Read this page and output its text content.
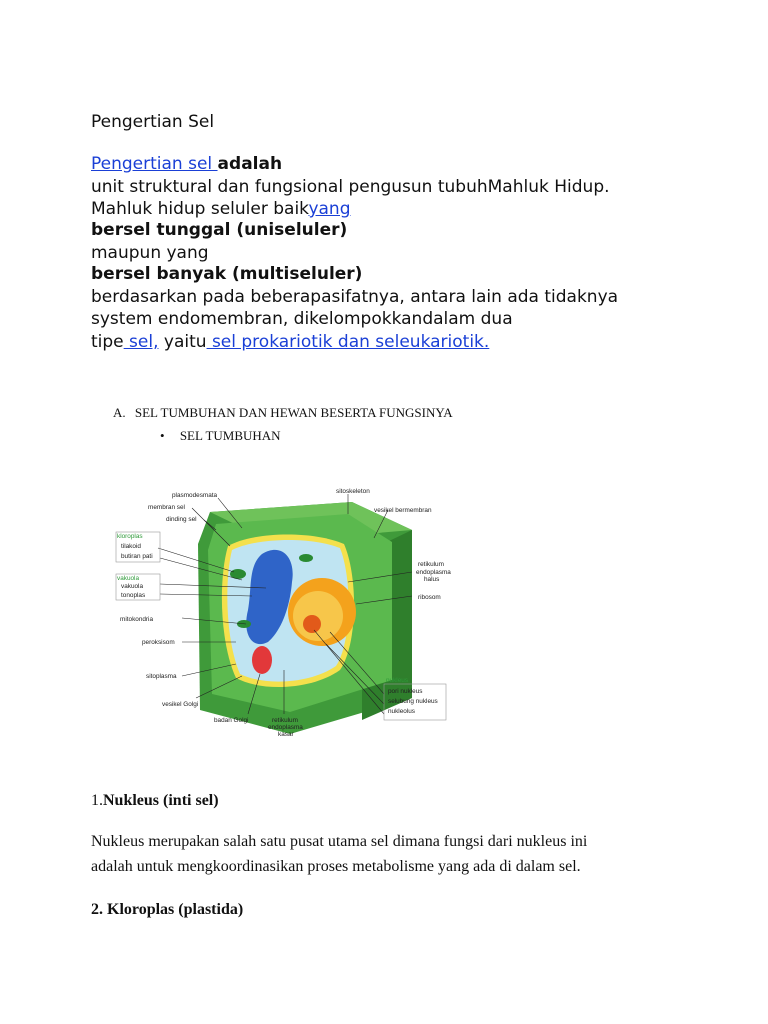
Pengertian Sel
Pengertian sel adalah
unit struktural dan fungsional pengusun tubuhMahluk Hidup.
Mahluk hidup seluler baikyang
bersel tunggal (uniseluler)
maupun yang
bersel banyak (multiseluler)
berdasarkan pada beberapasifatnya, antara lain ada tidaknya
system endomembran, dikelompokkandalam dua
tipe sel, yaitu sel prokariotik dan seleukariotik.
A. SEL TUMBUHAN DAN HEWAN BESERTA FUNGSINYA
• SEL TUMBUHAN
plasmodesmata
sitoskeleton
membran sel	vesikel bermembran
dinding sel
kloroplas
tilakoid
butiran pati
retikulum
endoplasma
halus
vakuola
vakuola
tonoplas	ribosom
mitokondria
peroksisom
sitoplasma
nukleus
pori nukleus
selubung nukleus
nukleolus
vesikel Golgi
badan Golgi	retikulum
endoplasma
kasar
1.Nukleus (inti sel)
Nukleus merupakan salah satu pusat utama sel dimana fungsi dari nukleus ini
adalah untuk mengkoordinasikan proses metabolisme yang ada di dalam sel.
2. Kloroplas (plastida)
